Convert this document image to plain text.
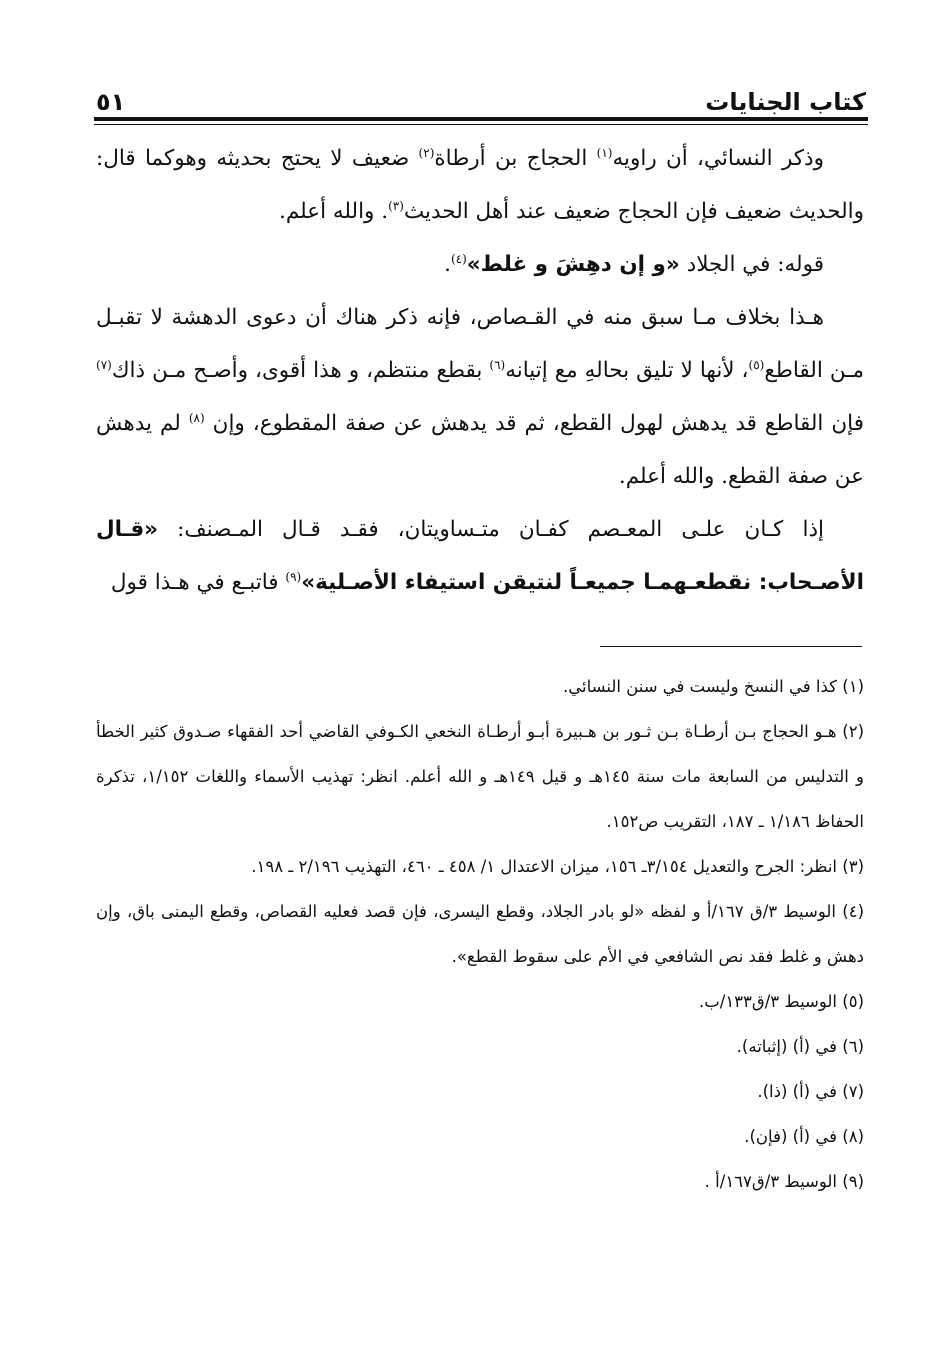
كتاب الجنايات
٥١

وذكر النسائي، أن راويه$^{(١)}$ الحجاج بن أرطاة$^{(٢)}$ ضعيف لا يحتج بحديثه وهوكما قال: والحديث ضعيف فإن الحجاج ضعيف عند أهل الحديث$^{(٣)}$. والله أعلم.

قوله: في الجلاد «و إن دهِشَ و غلط»$^{(٤)}$.

هـذا بخلاف مـا سبق منه في القـصاص، فإنه ذكر هناك أن دعوى الدهشة لا تقبـل مـن القاطع$^{(٥)}$، لأنها لا تليق بحالهِ مع إتيانه$^{(٦)}$ بقطع منتظم، و هذا أقوى، وأصـح مـن ذاك$^{(٧)}$ فإن القاطع قد يدهش لهول القطع، ثم قد يدهش عن صفة المقطوع، وإن $^{(٨)}$ لم يدهش عن صفة القطع. والله أعلم.

إذا كـان علـى المعـصم كفـان متـساويتان، فقـد قـال المـصنف: «قـال الأصـحاب: نقطعـهمـا جميعـاً لنتيقن استيفاء الأصـلية»$^{(٩)}$ فاتبـع في هـذا قول

(١) كذا في النسخ وليست في سنن النسائي.

(٢) هـو الحجاج بـن أرطـاة بـن ثـور بن هـبيرة أبـو أرطـاة النخعي الكـوفي القاضي أحد الفقهاء صـدوق كثير الخطأ و التدليس من السابعة مات سنة ١٤٥هـ و قيل ١٤٩هـ و الله أعلم. انظر: تهذيب الأسماء واللغات ١/١٥٢، تذكرة الحفاظ ١/١٨٦ ـ ١٨٧، التقريب ص١٥٢.

(٣) انظر: الجرح والتعديل ٣/١٥٤ـ ١٥٦، ميزان الاعتدال ١/ ٤٥٨ ـ ٤٦٠، التهذيب ٢/١٩٦ ـ ١٩٨.

(٤) الوسيط ٣/ق ١٦٧/أ و لفظه «لو بادر الجلاد، وقطع اليسرى، فإن قصد فعليه القصاص، وقطع اليمنى باق، وإن دهش و غلط فقد نص الشافعي في الأم على سقوط القطع».

(٥) الوسيط ٣/ق١٣٣/ب.

(٦) في (أ) (إثباته).

(٧) في (أ) (ذا).

(٨) في (أ) (فإن).

(٩) الوسيط ٣/ق١٦٧/أ .
